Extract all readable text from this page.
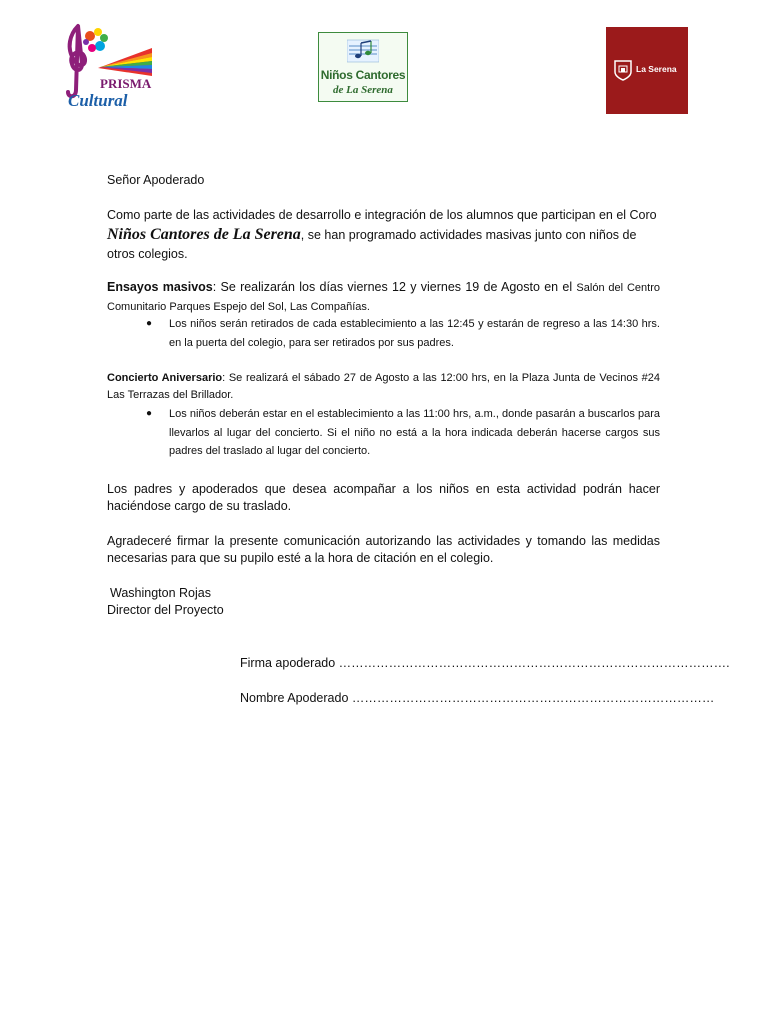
PRISMA
Cultural
Niños Cantores
de La Serena
La Serena

Señor Apoderado

Como parte de las actividades de desarrollo e integración de los alumnos que participan en el Coro Niños Cantores de La Serena, se han programado actividades masivas junto con niños de otros colegios.

Ensayos masivos: Se realizarán los días viernes 12 y viernes 19 de Agosto en el Salón del Centro Comunitario Parques Espejo del Sol, Las Compañías.

● Los niños serán retirados de cada establecimiento a las 12:45 y estarán de regreso a las 14:30 hrs. en la puerta del colegio, para ser retirados por sus padres.

Concierto Aniversario: Se realizará el sábado 27 de Agosto a las 12:00 hrs, en la Plaza Junta de Vecinos #24 Las Terrazas del Brillador.

● Los niños deberán estar en el establecimiento a las 11:00 hrs, a.m., donde pasarán a buscarlos para llevarlos al lugar del concierto. Si el niño no está a la hora indicada deberán hacerse cargos sus padres del traslado al lugar del concierto.

Los padres y apoderados que desea acompañar a los niños en esta actividad podrán hacer haciéndose cargo de su traslado.

Agradeceré firmar la presente comunicación autorizando las actividades y tomando las medidas necesarias para que su pupilo esté a la hora de citación en el colegio.

Washington Rojas

Director del Proyecto

Firma apoderado ………………………………………………………………………………….
Nombre Apoderado ……………………………………………………………………………
